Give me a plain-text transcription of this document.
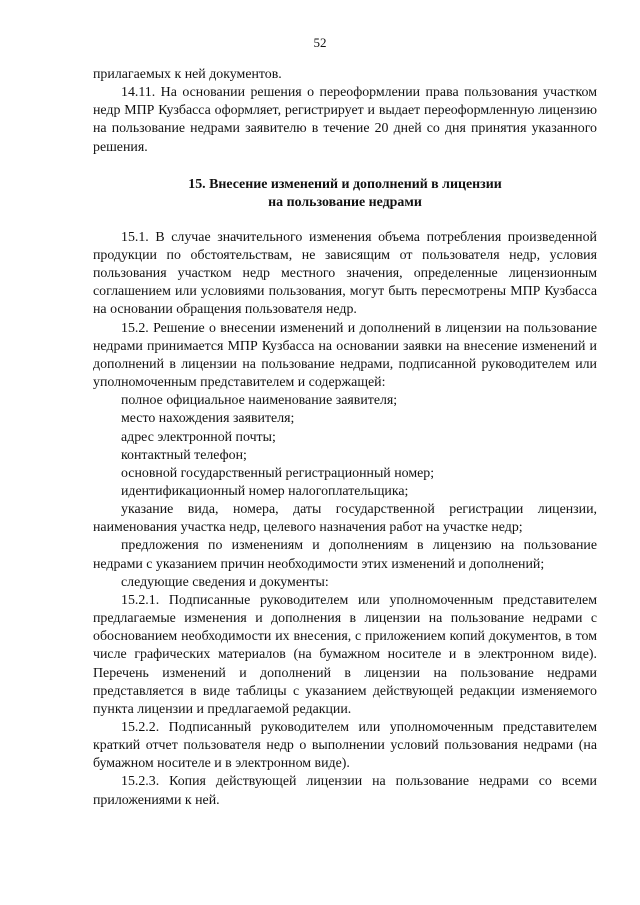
52

прилагаемых к ней документов.

14.11. На основании решения о переоформлении права пользования участком недр МПР Кузбасса оформляет, регистрирует и выдает переоформленную лицензию на пользование недрами заявителю в течение 20 дней со дня принятия указанного решения.

15. Внесение изменений и дополнений в лицензии
на пользование недрами

15.1. В случае значительного изменения объема потребления произведенной продукции по обстоятельствам, не зависящим от пользователя недр, условия пользования участком недр местного значения, определенные лицензионным соглашением или условиями пользования, могут быть пересмотрены МПР Кузбасса на основании обращения пользователя недр.

15.2. Решение о внесении изменений и дополнений в лицензии на пользование недрами принимается МПР Кузбасса на основании заявки на внесение изменений и дополнений в лицензии на пользование недрами, подписанной руководителем или уполномоченным представителем и содержащей:

полное официальное наименование заявителя;

место нахождения заявителя;

адрес электронной почты;

контактный телефон;

основной государственный регистрационный номер;

идентификационный номер налогоплательщика;

указание вида, номера, даты государственной регистрации лицензии, наименования участка недр, целевого назначения работ на участке недр;

предложения по изменениям и дополнениям в лицензию на пользование недрами с указанием причин необходимости этих изменений и дополнений;

следующие сведения и документы:

15.2.1. Подписанные руководителем или уполномоченным представителем предлагаемые изменения и дополнения в лицензии на пользование недрами с обоснованием необходимости их внесения, с приложением копий документов, в том числе графических материалов (на бумажном носителе и в электронном виде). Перечень изменений и дополнений в лицензии на пользование недрами представляется в виде таблицы с указанием действующей редакции изменяемого пункта лицензии и предлагаемой редакции.

15.2.2. Подписанный руководителем или уполномоченным представителем краткий отчет пользователя недр о выполнении условий пользования недрами (на бумажном носителе и в электронном виде).

15.2.3. Копия действующей лицензии на пользование недрами со всеми приложениями к ней.
